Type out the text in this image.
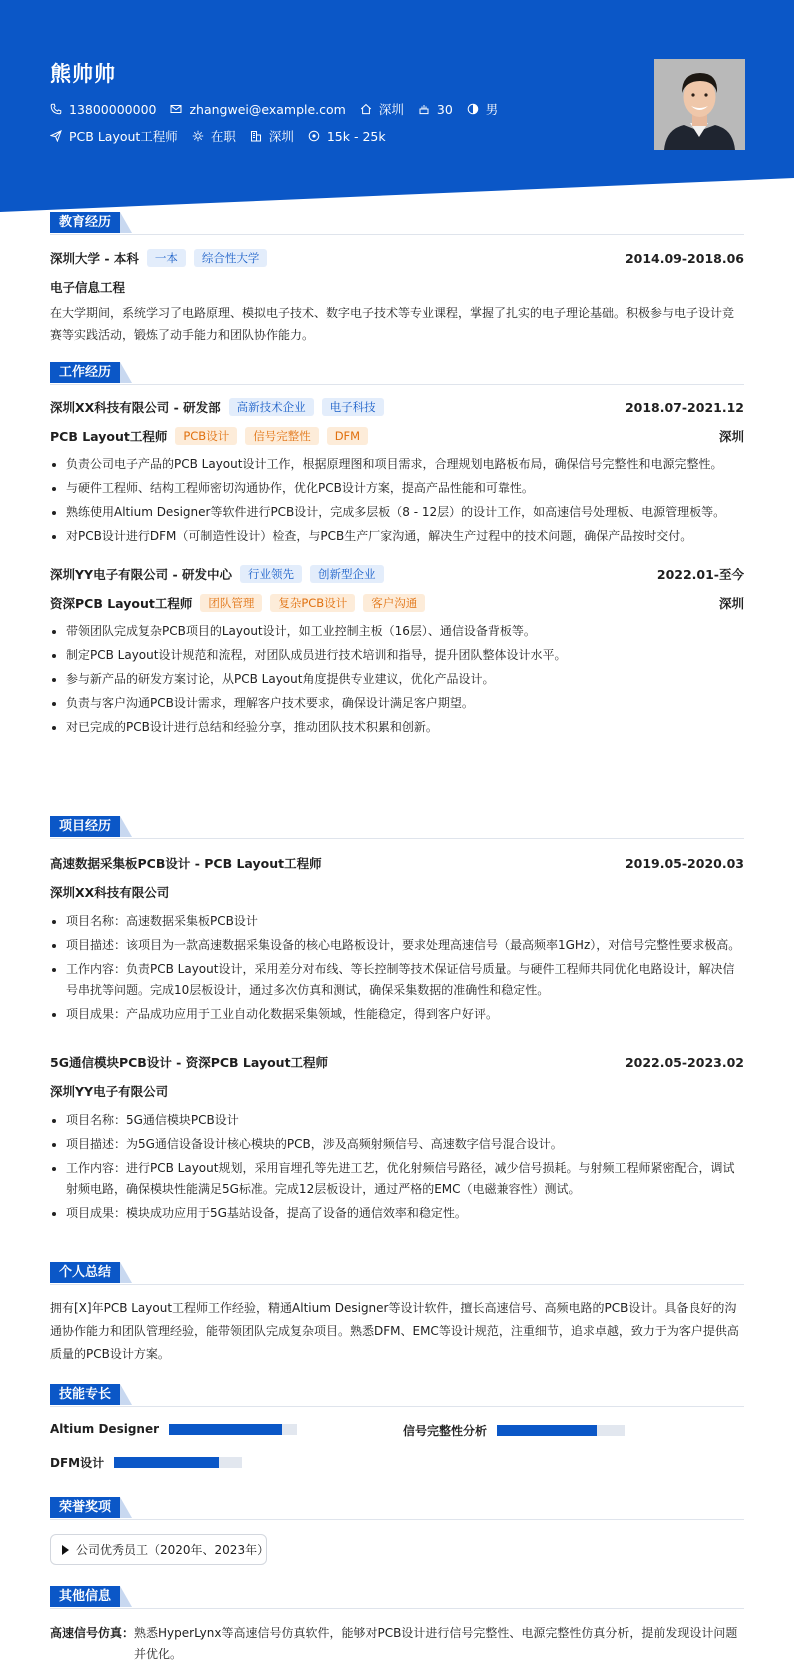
熊帅帅
13800000000	zhangwei@example.com	深圳	30	男
PCB Layout工程师	在职	深圳	15k - 25k
教育经历
深圳大学 - 本科	一本	综合性大学	2014.09-2018.06
电子信息工程
在大学期间，系统学习了电路原理、模拟电子技术、数字电子技术等专业课程，掌握了扎实的电子理论基础。积极参与电子设计竞赛等实践活动，锻炼了动手能力和团队协作能力。
工作经历
深圳XX科技有限公司 - 研发部	高新技术企业	电子科技	2018.07-2021.12
PCB Layout工程师	PCB设计	信号完整性	DFM	深圳
负责公司电子产品的PCB Layout设计工作，根据原理图和项目需求，合理规划电路板布局，确保信号完整性和电源完整性。
与硬件工程师、结构工程师密切沟通协作，优化PCB设计方案，提高产品性能和可靠性。
熟练使用Altium Designer等软件进行PCB设计，完成多层板（8 - 12层）的设计工作，如高速信号处理板、电源管理板等。
对PCB设计进行DFM（可制造性设计）检查，与PCB生产厂家沟通，解决生产过程中的技术问题，确保产品按时交付。
深圳YY电子有限公司 - 研发中心	行业领先	创新型企业	2022.01-至今
资深PCB Layout工程师	团队管理	复杂PCB设计	客户沟通	深圳
带领团队完成复杂PCB项目的Layout设计，如工业控制主板（16层）、通信设备背板等。
制定PCB Layout设计规范和流程，对团队成员进行技术培训和指导，提升团队整体设计水平。
参与新产品的研发方案讨论，从PCB Layout角度提供专业建议，优化产品设计。
负责与客户沟通PCB设计需求，理解客户技术要求，确保设计满足客户期望。
对已完成的PCB设计进行总结和经验分享，推动团队技术积累和创新。
项目经历
高速数据采集板PCB设计 - PCB Layout工程师	2019.05-2020.03
深圳XX科技有限公司
项目名称：高速数据采集板PCB设计
项目描述：该项目为一款高速数据采集设备的核心电路板设计，要求处理高速信号（最高频率1GHz），对信号完整性要求极高。
工作内容：负责PCB Layout设计，采用差分对布线、等长控制等技术保证信号质量。与硬件工程师共同优化电路设计，解决信号串扰等问题。完成10层板设计，通过多次仿真和测试，确保采集数据的准确性和稳定性。
项目成果：产品成功应用于工业自动化数据采集领域，性能稳定，得到客户好评。
5G通信模块PCB设计 - 资深PCB Layout工程师	2022.05-2023.02
深圳YY电子有限公司
项目名称：5G通信模块PCB设计
项目描述：为5G通信设备设计核心模块的PCB，涉及高频射频信号、高速数字信号混合设计。
工作内容：进行PCB Layout规划，采用盲埋孔等先进工艺，优化射频信号路径，减少信号损耗。与射频工程师紧密配合，调试射频电路，确保模块性能满足5G标准。完成12层板设计，通过严格的EMC（电磁兼容性）测试。
项目成果：模块成功应用于5G基站设备，提高了设备的通信效率和稳定性。
个人总结
拥有[X]年PCB Layout工程师工作经验，精通Altium Designer等设计软件，擅长高速信号、高频电路的PCB设计。具备良好的沟通协作能力和团队管理经验，能带领团队完成复杂项目。熟悉DFM、EMC等设计规范，注重细节，追求卓越，致力于为客户提供高质量的PCB设计方案。
技能专长
Altium Designer	信号完整性分析
DFM设计
荣誉奖项
公司优秀员工（2020年、2023年）
其他信息
高速信号仿真： 熟悉HyperLynx等高速信号仿真软件，能够对PCB设计进行信号完整性、电源完整性仿真分析，提前发现设计问题并优化。
